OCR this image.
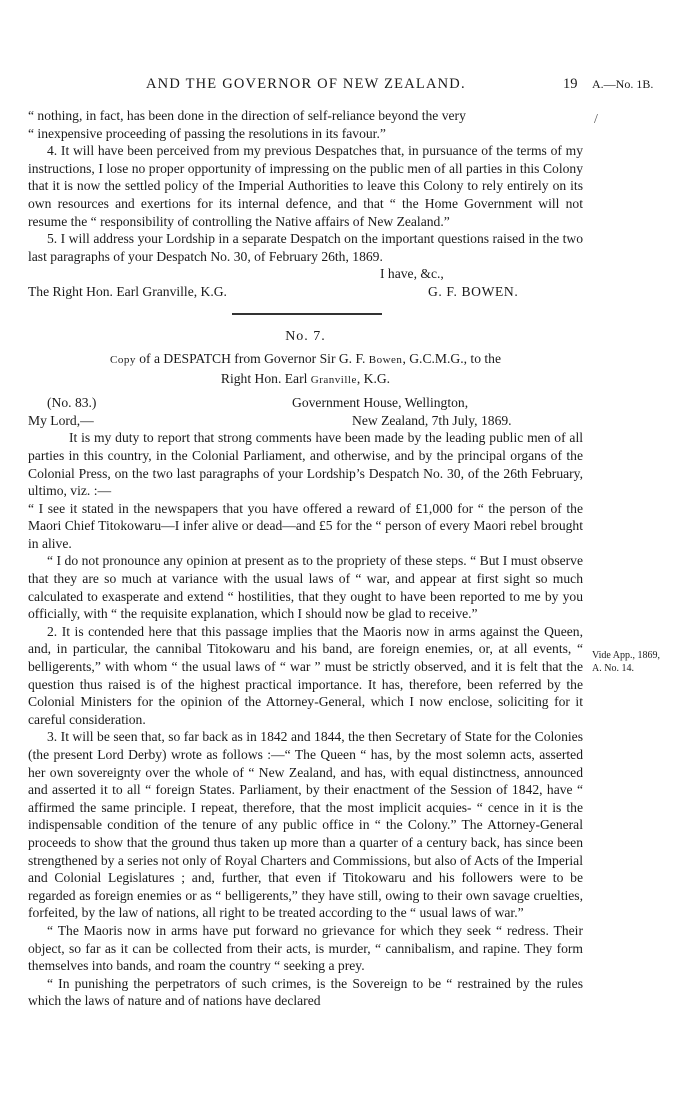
AND THE GOVERNOR OF NEW ZEALAND.	19 A.—No. 1B.
/
Vide App., 1869,
A. No. 14.

“ nothing, in fact, has been done in the direction of self-reliance beyond the very

“ inexpensive proceeding of passing the resolutions in its favour.”

4. It will have been perceived from my previous Despatches that, in pursuance of the terms of my instructions, I lose no proper opportunity of impressing on the public men of all parties in this Colony that it is now the settled policy of the Imperial Authorities to leave this Colony to rely entirely on its own resources and exertions for its internal defence, and that “ the Home Government will not resume the “ responsibility of controlling the Native affairs of New Zealand.”

5. I will address your Lordship in a separate Despatch on the important questions raised in the two last paragraphs of your Despatch No. 30, of February 26th, 1869.

I have, &c.,
The Right Hon. Earl Granville, K.G.	G. F. BOWEN.
No. 7.
Copy of a DESPATCH from Governor Sir G. F. Bowen, G.C.M.G., to the
Right Hon. Earl Granville, K.G.
(No. 83.)	Government House, Wellington,
My Lord,—	New Zealand, 7th July, 1869.

It is my duty to report that strong comments have been made by the leading public men of all parties in this country, in the Colonial Parliament, and otherwise, and by the principal organs of the Colonial Press, on the two last paragraphs of your Lordship’s Despatch No. 30, of the 26th February, ultimo, viz. :—

“ I see it stated in the newspapers that you have offered a reward of £1,000 for “ the person of the Maori Chief Titokowaru—I infer alive or dead—and £5 for the “ person of every Maori rebel brought in alive.

“ I do not pronounce any opinion at present as to the propriety of these steps. “ But I must observe that they are so much at variance with the usual laws of “ war, and appear at first sight so much calculated to exasperate and extend “ hostilities, that they ought to have been reported to me by you officially, with “ the requisite explanation, which I should now be glad to receive.”

2. It is contended here that this passage implies that the Maoris now in arms against the Queen, and, in particular, the cannibal Titokowaru and his band, are foreign enemies, or, at all events, “ belligerents,” with whom “ the usual laws of “ war ” must be strictly observed, and it is felt that the question thus raised is of the highest practical importance. It has, therefore, been referred by the Colonial Ministers for the opinion of the Attorney-General, which I now enclose, soliciting for it careful consideration.

3. It will be seen that, so far back as in 1842 and 1844, the then Secretary of State for the Colonies (the present Lord Derby) wrote as follows :—“ The Queen “ has, by the most solemn acts, asserted her own sovereignty over the whole of “ New Zealand, and has, with equal distinctness, announced and asserted it to all “ foreign States. Parliament, by their enactment of the Session of 1842, have “ affirmed the same principle. I repeat, therefore, that the most implicit acquies- “ cence in it is the indispensable condition of the tenure of any public office in “ the Colony.” The Attorney-General proceeds to show that the ground thus taken up more than a quarter of a century back, has since been strengthened by a series not only of Royal Charters and Commissions, but also of Acts of the Imperial and Colonial Legislatures ; and, further, that even if Titokowaru and his followers were to be regarded as foreign enemies or as “ belligerents,” they have still, owing to their own savage cruelties, forfeited, by the law of nations, all right to be treated according to the “ usual laws of war.”

“ The Maoris now in arms have put forward no grievance for which they seek “ redress. Their object, so far as it can be collected from their acts, is murder, “ cannibalism, and rapine. They form themselves into bands, and roam the country “ seeking a prey.

“ In punishing the perpetrators of such crimes, is the Sovereign to be “ restrained by the rules which the laws of nature and of nations have declared
